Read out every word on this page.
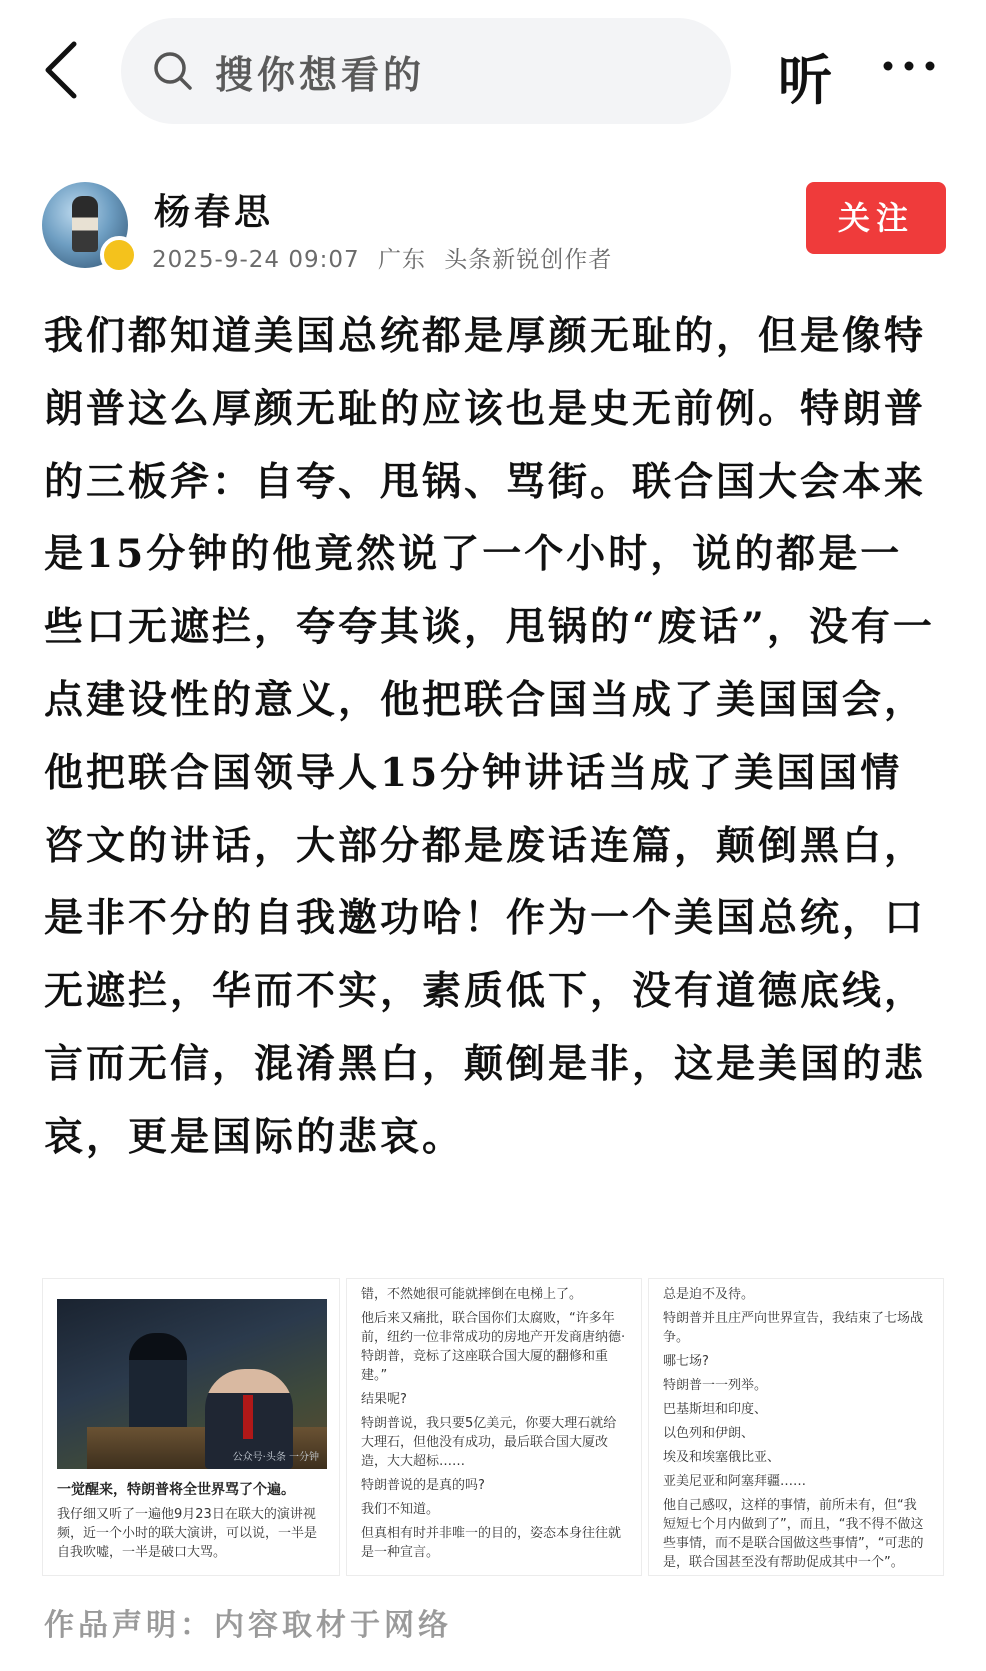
搜你想看的	听
杨春思
2025-9-24 09:07 广东 头条新锐创作者
关注
我们都知道美国总统都是厚颜无耻的，但是像特朗普这么厚颜无耻的应该也是史无前例。特朗普的三板斧：自夸、甩锅、骂街。联合国大会本来是15分钟的他竟然说了一个小时，说的都是一些口无遮拦，夸夸其谈，甩锅的“废话”，没有一点建设性的意义，他把联合国当成了美国国会，他把联合国领导人15分钟讲话当成了美国国情咨文的讲话，大部分都是废话连篇，颠倒黑白，是非不分的自我邀功哈！作为一个美国总统，口无遮拦，华而不实，素质低下，没有道德底线，言而无信，混淆黑白，颠倒是非，这是美国的悲哀，更是国际的悲哀。
公众号·头条 一分钟
一觉醒来，特朗普将全世界骂了个遍。
我仔细又听了一遍他9月23日在联大的演讲视频，近一个小时的联大演讲，可以说，一半是自我吹嘘，一半是破口大骂。

错，不然她很可能就摔倒在电梯上了。

他后来又痛批，联合国你们太腐败，“许多年前，纽约一位非常成功的房地产开发商唐纳德·特朗普，竞标了这座联合国大厦的翻修和重建。”

结果呢?

特朗普说，我只要5亿美元，你要大理石就给大理石，但他没有成功，最后联合国大厦改造，大大超标……

特朗普说的是真的吗?

我们不知道。

但真相有时并非唯一的目的，姿态本身往往就是一种宣言。

总是迫不及待。

特朗普并且庄严向世界宣告，我结束了七场战争。

哪七场?

特朗普一一列举。

巴基斯坦和印度、

以色列和伊朗、

埃及和埃塞俄比亚、

亚美尼亚和阿塞拜疆……

他自己感叹，这样的事情，前所未有，但“我短短七个月内做到了”，而且，“我不得不做这些事情，而不是联合国做这些事情”，“可悲的是，联合国甚至没有帮助促成其中一个”。

作品声明：内容取材于网络
